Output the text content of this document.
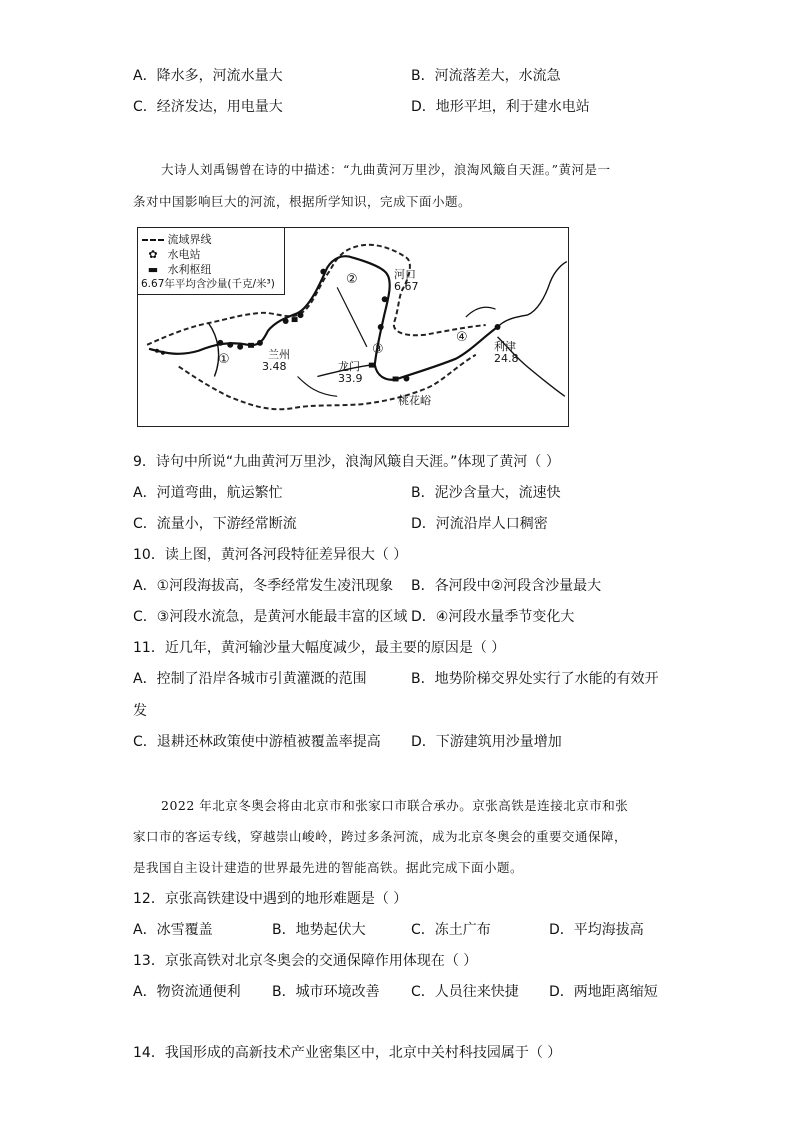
A．降水多，河流水量大	B．河流落差大，水流急
C．经济发达，用电量大	D．地形平坦，利于建水电站
大诗人刘禹锡曾在诗的中描述：“九曲黄河万里沙，浪淘风簸自天涯。”黄河是一
条对中国影响巨大的河流，根据所学知识，完成下面小题。
流域界线
✿ 水电站
▬ 水利枢纽
6.67年平均含沙量(千克/米³)
①
②
③
④
兰州
3.48
河口
6.67
龙门
33.9
利津
24.8
桃花峪
9．诗句中所说“九曲黄河万里沙，浪淘风簸自天涯。”体现了黄河（ ）
A．河道弯曲，航运繁忙	B．泥沙含量大，流速快
C．流量小，下游经常断流	D．河流沿岸人口稠密
10．读上图，黄河各河段特征差异很大（ ）
A．①河段海拔高，冬季经常发生凌汛现象 B．各河段中②河段含沙量最大
C．③河段水流急，是黄河水能最丰富的区域 D．④河段水量季节变化大
11．近几年，黄河输沙量大幅度减少，最主要的原因是（ ）
A．控制了沿岸各城市引黄灌溉的范围	B．地势阶梯交界处实行了水能的有效开
发
C．退耕还林政策使中游植被覆盖率提高 D．下游建筑用沙量增加
2022 年北京冬奥会将由北京市和张家口市联合承办。京张高铁是连接北京市和张
家口市的客运专线，穿越崇山峻岭，跨过多条河流，成为北京冬奥会的重要交通保障，
是我国自主设计建造的世界最先进的智能高铁。据此完成下面小题。
12．京张高铁建设中遇到的地形难题是（ ）
A．冰雪覆盖	B．地势起伏大	C．冻土广布	D．平均海拔高
13．京张高铁对北京冬奥会的交通保障作用体现在（ ）
A．物资流通便利 B．城市环境改善 C．人员往来快捷 D．两地距离缩短
14．我国形成的高新技术产业密集区中，北京中关村科技园属于（ ）
